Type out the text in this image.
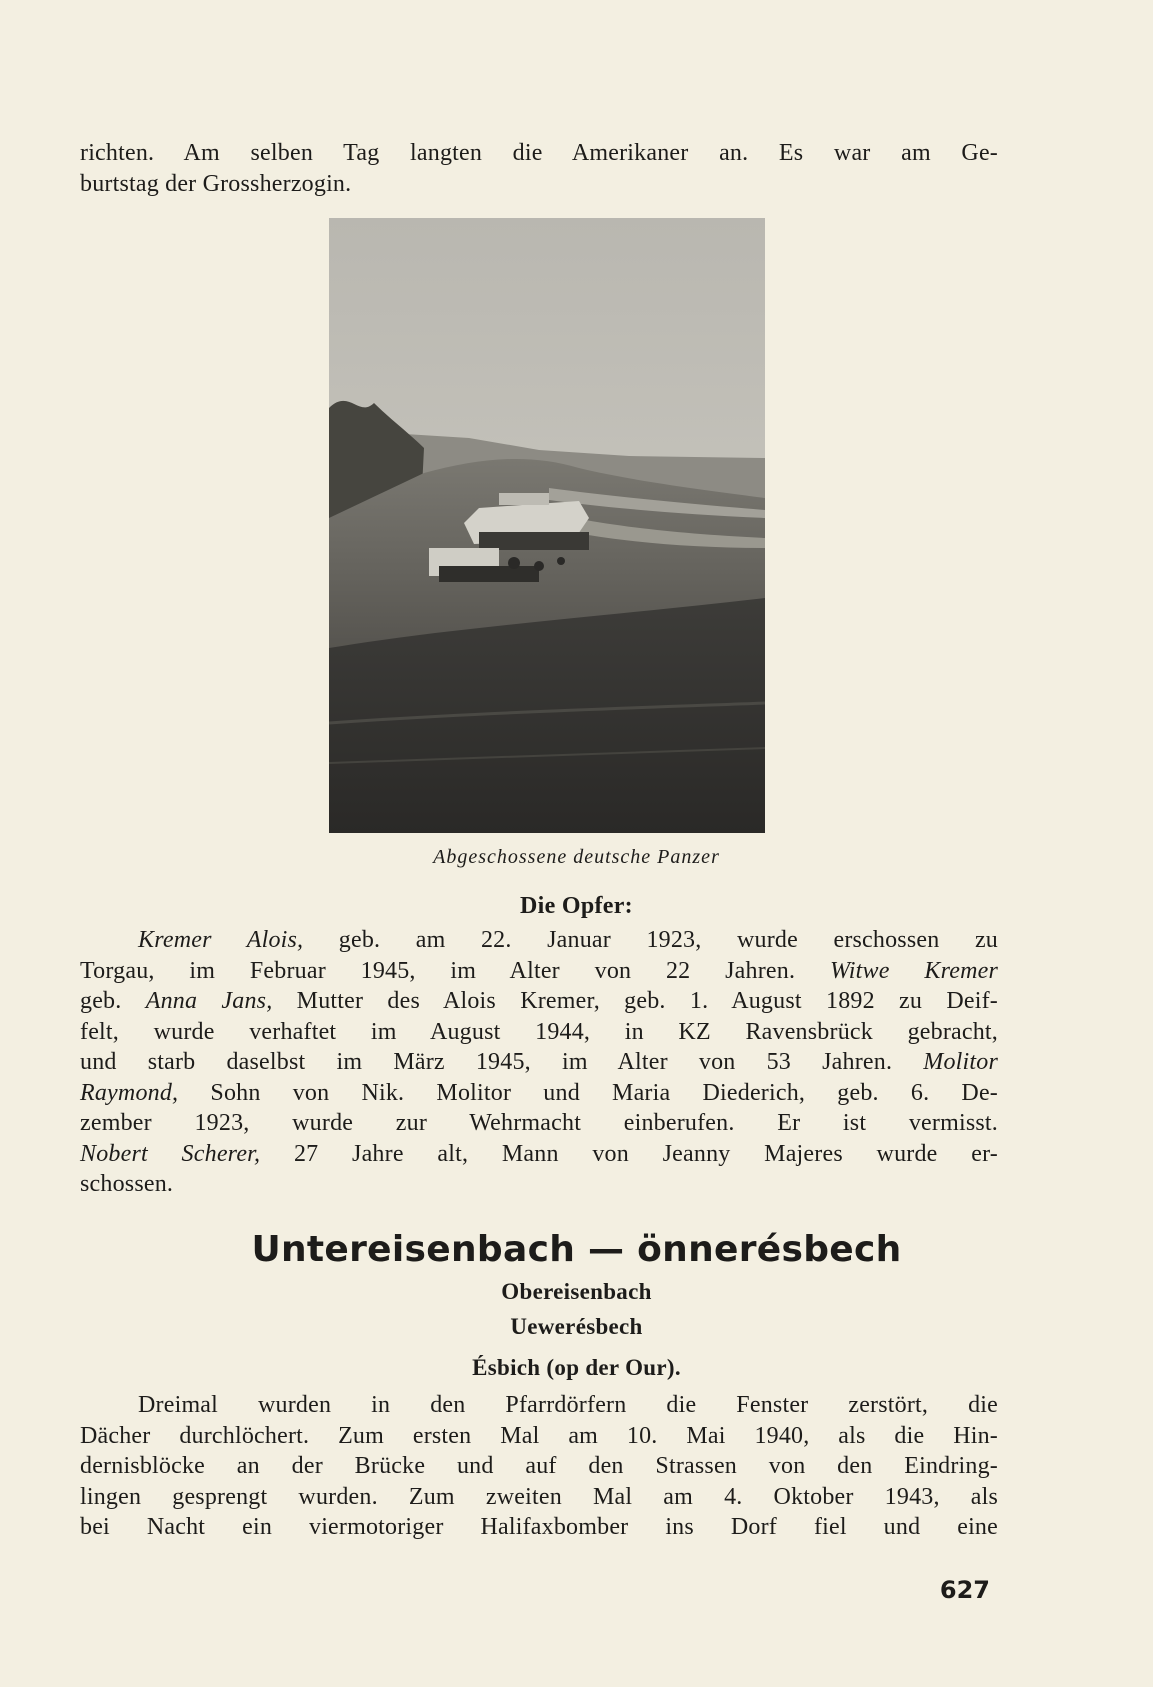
richten. Am selben Tag langten die Amerikaner an. Es war am Ge-
burtstag der Grossherzogin.
Abgeschossene deutsche Panzer
Die Opfer:
Kremer Alois, geb. am 22. Januar 1923, wurde erschossen zu
Torgau, im Februar 1945, im Alter von 22 Jahren. Witwe Kremer
geb. Anna Jans, Mutter des Alois Kremer, geb. 1. August 1892 zu Deif-
felt, wurde verhaftet im August 1944, in KZ Ravensbrück gebracht,
und starb daselbst im März 1945, im Alter von 53 Jahren. Molitor
Raymond, Sohn von Nik. Molitor und Maria Diederich, geb. 6. De-
zember 1923, wurde zur Wehrmacht einberufen. Er ist vermisst.
Nobert Scherer, 27 Jahre alt, Mann von Jeanny Majeres wurde er-
schossen.
Untereisenbach — önnerésbech
Obereisenbach
Uewerésbech
Ésbich (op der Our).
Dreimal wurden in den Pfarrdörfern die Fenster zerstört, die
Dächer durchlöchert. Zum ersten Mal am 10. Mai 1940, als die Hin-
dernisblöcke an der Brücke und auf den Strassen von den Eindring-
lingen gesprengt wurden. Zum zweiten Mal am 4. Oktober 1943, als
bei Nacht ein viermotoriger Halifaxbomber ins Dorf fiel und eine
627
